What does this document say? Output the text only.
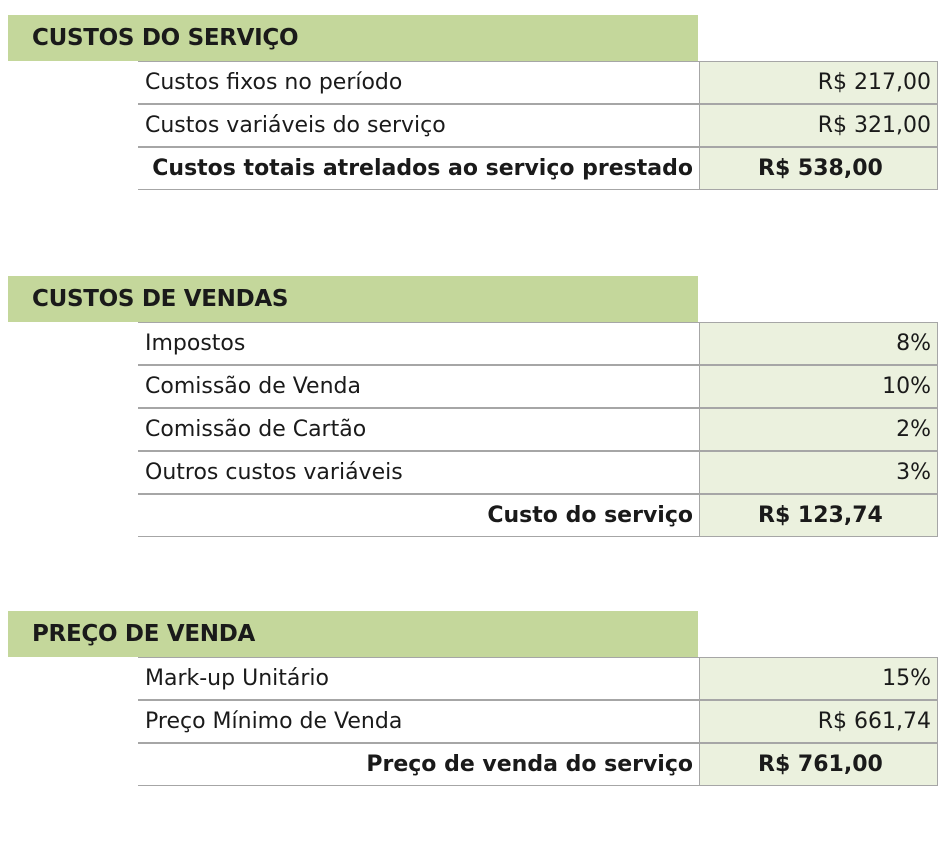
CUSTOS DO SERVIÇO
Custos fixos no período	R$ 217,00
Custos variáveis do serviço	R$ 321,00
Custos totais atrelados ao serviço prestado	R$ 538,00
CUSTOS DE VENDAS
Impostos	8%
Comissão de Venda	10%
Comissão de Cartão	2%
Outros custos variáveis	3%
Custo do serviço	R$ 123,74
PREÇO DE VENDA
Mark-up Unitário	15%
Preço Mínimo de Venda	R$ 661,74
Preço de venda do serviço	R$ 761,00
